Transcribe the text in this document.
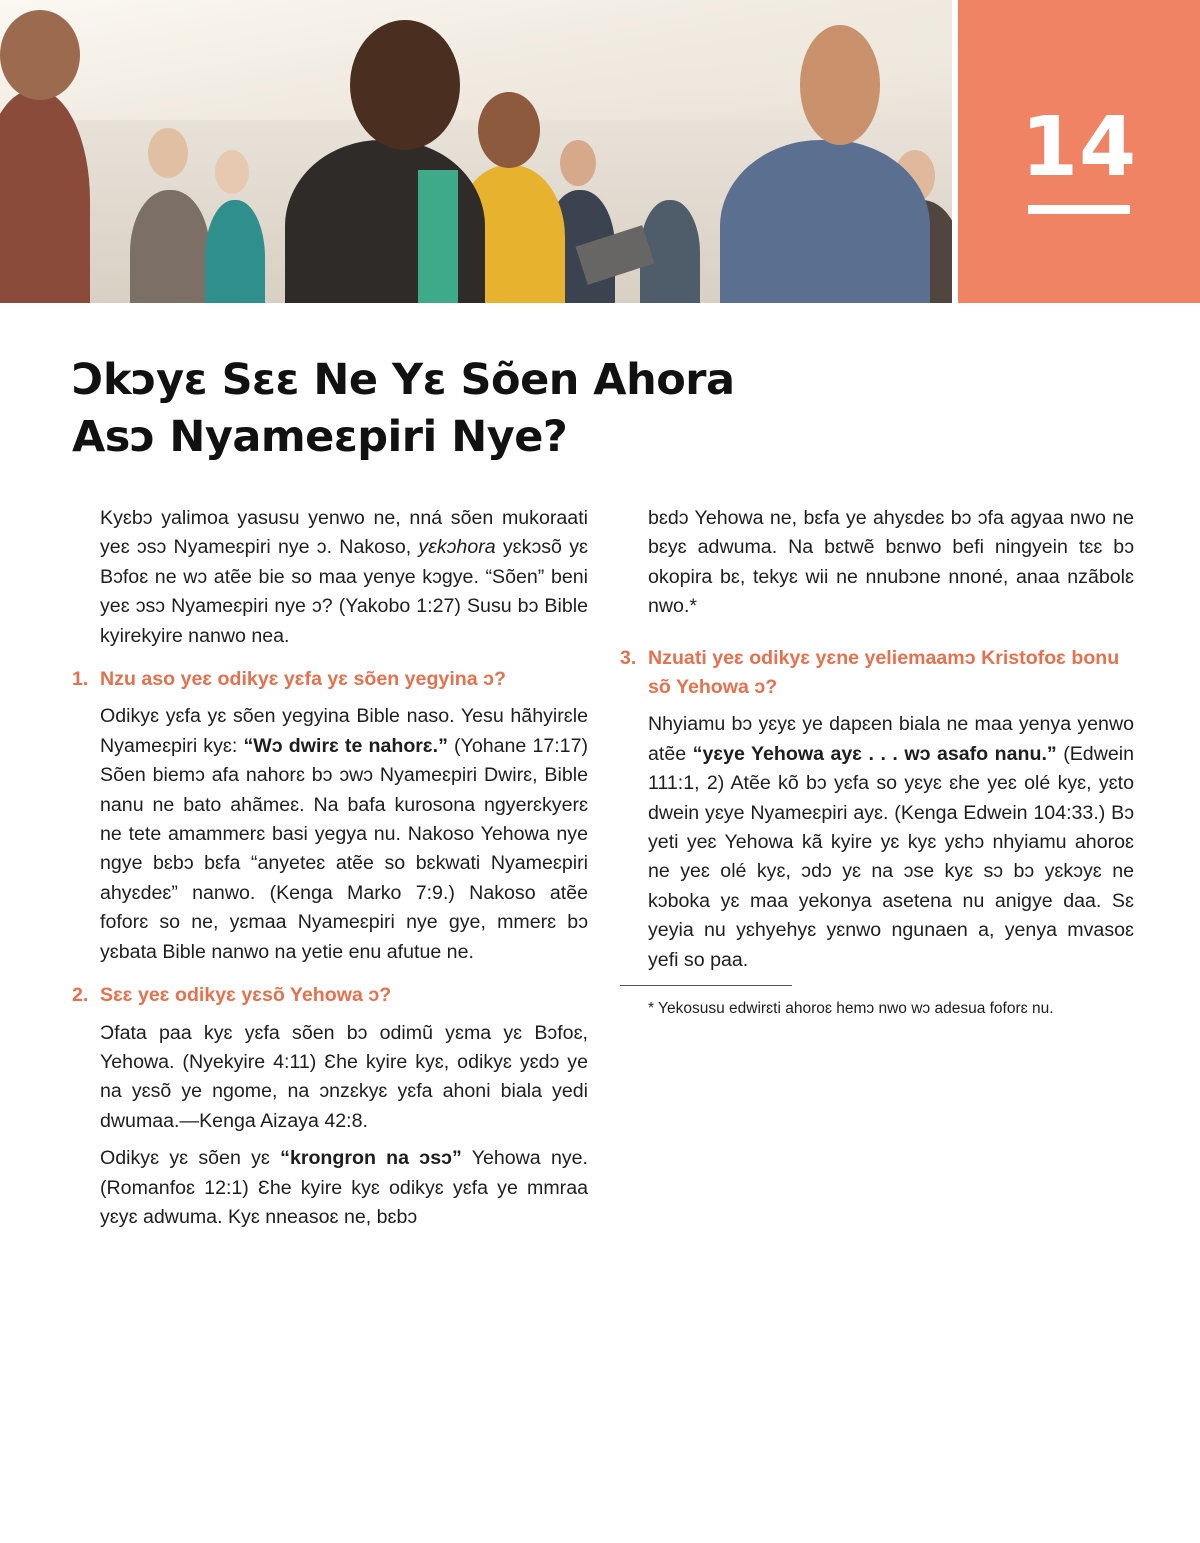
14
Ɔkɔyɛ Sɛɛ Ne Yɛ Sõen Ahora
Asɔ Nyameɛpiri Nye?

Kyɛbɔ yalimoa yasusu yenwo ne, nná sõen mukoraati yeɛ ɔsɔ Nyameɛpiri nye ɔ. Nakoso, yɛkɔhora yɛkɔsõ yɛ Bɔfoɛ ne wɔ atẽe bie so maa yenye kɔgye. “Sõen” beni yeɛ ɔsɔ Nyameɛpiri nye ɔ? (Yakobo 1:27) Susu bɔ Bible kyirekyire nanwo nea.

1. Nzu aso yeɛ odikyɛ yɛfa yɛ sõen yegyina ɔ?

Odikyɛ yɛfa yɛ sõen yegyina Bible naso. Yesu hãhyirɛle Nyameɛpiri kyɛ: “Wɔ dwirɛ te nahorɛ.” (Yohane 17:17) Sõen biemɔ afa nahorɛ bɔ ɔwɔ Nyameɛpiri Dwirɛ, Bible nanu ne bato ahãmeɛ. Na bafa kurosona ngyerɛkyerɛ ne tete amammerɛ basi yegya nu. Nakoso Yehowa nye ngye bɛbɔ bɛfa “anyeteɛ atẽe so bɛkwati Nyameɛpiri ahyɛdeɛ” nanwo. (Kenga Marko 7:9.) Nakoso atẽe foforɛ so ne, yɛmaa Nyameɛpiri nye gye, mmerɛ bɔ yɛbata Bible nanwo na yetie enu afutue ne.

2. Sɛɛ yeɛ odikyɛ yɛsõ Yehowa ɔ?

Ɔfata paa kyɛ yɛfa sõen bɔ odimũ yɛma yɛ Bɔfoɛ, Yehowa. (Nyekyire 4:11) Ɛhe kyire kyɛ, odikyɛ yɛdɔ ye na yɛsõ ye ngome, na ɔnzɛkyɛ yɛfa ahoni biala yedi dwumaa.—Kenga Aizaya 42:8.

Odikyɛ yɛ sõen yɛ “krongron na ɔsɔ” Yehowa nye. (Romanfoɛ 12:1) Ɛhe kyire kyɛ odikyɛ yɛfa ye mmraa yɛyɛ adwuma. Kyɛ nneasoɛ ne, bɛbɔ

bɛdɔ Yehowa ne, bɛfa ye ahyɛdeɛ bɔ ɔfa agyaa nwo ne bɛyɛ adwuma. Na bɛtwẽ bɛnwo befi ningyein tɛɛ bɔ okopira bɛ, tekyɛ wii ne nnubɔne nnoné, anaa nzãbolɛ nwo.*

3. Nzuati yeɛ odikyɛ yɛne yeliemaamɔ Kristofoɛ bonu sõ Yehowa ɔ?

Nhyiamu bɔ yɛyɛ ye dapɛen biala ne maa yenya yenwo atẽe “yɛye Yehowa ayɛ . . . wɔ asafo nanu.” (Edwein 111:1, 2) Atẽe kõ bɔ yɛfa so yɛyɛ ɛhe yeɛ olé kyɛ, yɛto dwein yɛye Nyameɛpiri ayɛ. (Kenga Edwein 104:33.) Bɔ yeti yeɛ Yehowa kã kyire yɛ kyɛ yɛhɔ nhyiamu ahoroɛ ne yeɛ olé kyɛ, ɔdɔ yɛ na ɔse kyɛ sɔ bɔ yɛkɔyɛ ne kɔboka yɛ maa yekonya asetena nu anigye daa. Sɛ yeyia nu yɛhyehyɛ yɛnwo ngunaen a, yenya mvasoɛ yefi so paa.

* Yekosusu edwirɛti ahoroɛ hemɔ nwo wɔ adesua foforɛ nu.
